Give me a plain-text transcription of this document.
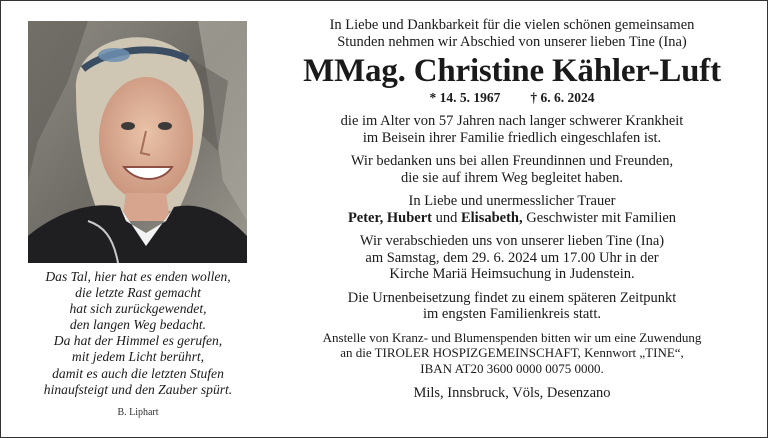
Das Tal, hier hat es enden wollen,
die letzte Rast gemacht
hat sich zurückgewendet,
den langen Weg bedacht.
Da hat der Himmel es gerufen,
mit jedem Licht berührt,
damit es auch die letzten Stufen
hinaufsteigt und den Zauber spürt.
B. Liphart
In Liebe und Dankbarkeit für die vielen schönen gemeinsamen
Stunden nehmen wir Abschied von unserer lieben Tine (Ina)
MMag. Christine Kähler-Luft
* 14. 5. 1967 † 6. 6. 2024
die im Alter von 57 Jahren nach langer schwerer Krankheit
im Beisein ihrer Familie friedlich eingeschlafen ist.
Wir bedanken uns bei allen Freundinnen und Freunden,
die sie auf ihrem Weg begleitet haben.
In Liebe und unermesslicher Trauer
Peter, Hubert und Elisabeth, Geschwister mit Familien
Wir verabschieden uns von unserer lieben Tine (Ina)
am Samstag, dem 29. 6. 2024 um 17.00 Uhr in der
Kirche Mariä Heimsuchung in Judenstein.
Die Urnenbeisetzung findet zu einem späteren Zeitpunkt
im engsten Familienkreis statt.
Anstelle von Kranz- und Blumenspenden bitten wir um eine Zuwendung
an die TIROLER HOSPIZGEMEINSCHAFT, Kennwort „TINE“,
IBAN AT20 3600 0000 0075 0000.
Mils, Innsbruck, Völs, Desenzano
